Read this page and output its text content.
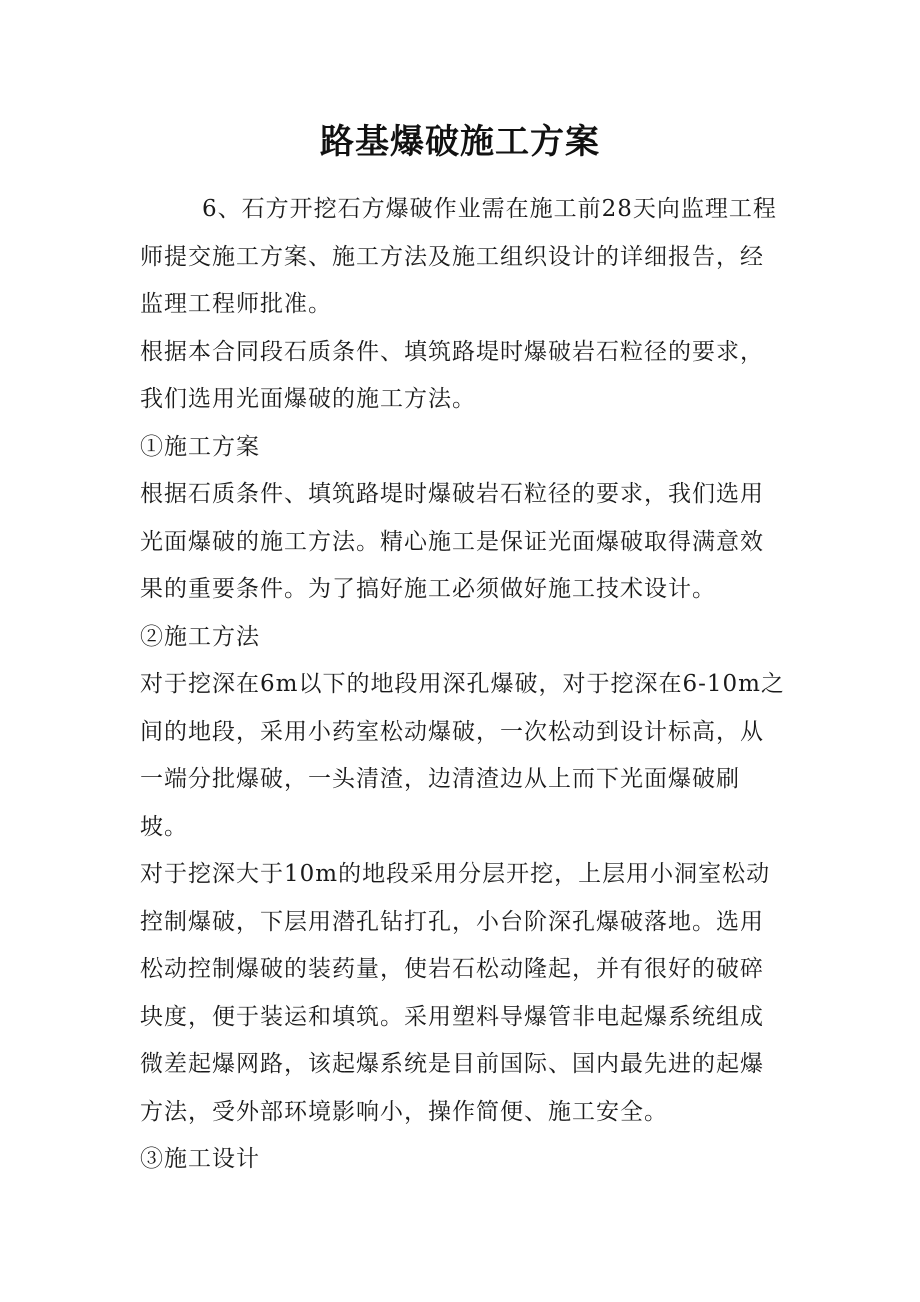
路基爆破施工方案

6、石方开挖石方爆破作业需在施工前28天向监理工程师提交施工方案、施工方法及施工组织设计的详细报告，经监理工程师批准。

根据本合同段石质条件、填筑路堤时爆破岩石粒径的要求，我们选用光面爆破的施工方法。

①施工方案

根据石质条件、填筑路堤时爆破岩石粒径的要求，我们选用光面爆破的施工方法。精心施工是保证光面爆破取得满意效果的重要条件。为了搞好施工必须做好施工技术设计。

②施工方法

对于挖深在6m以下的地段用深孔爆破，对于挖深在6-10m之间的地段，采用小药室松动爆破，一次松动到设计标高，从一端分批爆破，一头清渣，边清渣边从上而下光面爆破刷坡。

对于挖深大于10m的地段采用分层开挖，上层用小洞室松动控制爆破，下层用潜孔钻打孔，小台阶深孔爆破落地。选用松动控制爆破的装药量，使岩石松动隆起，并有很好的破碎块度，便于装运和填筑。采用塑料导爆管非电起爆系统组成微差起爆网路，该起爆系统是目前国际、国内最先进的起爆方法，受外部环境影响小，操作简便、施工安全。

③施工设计
